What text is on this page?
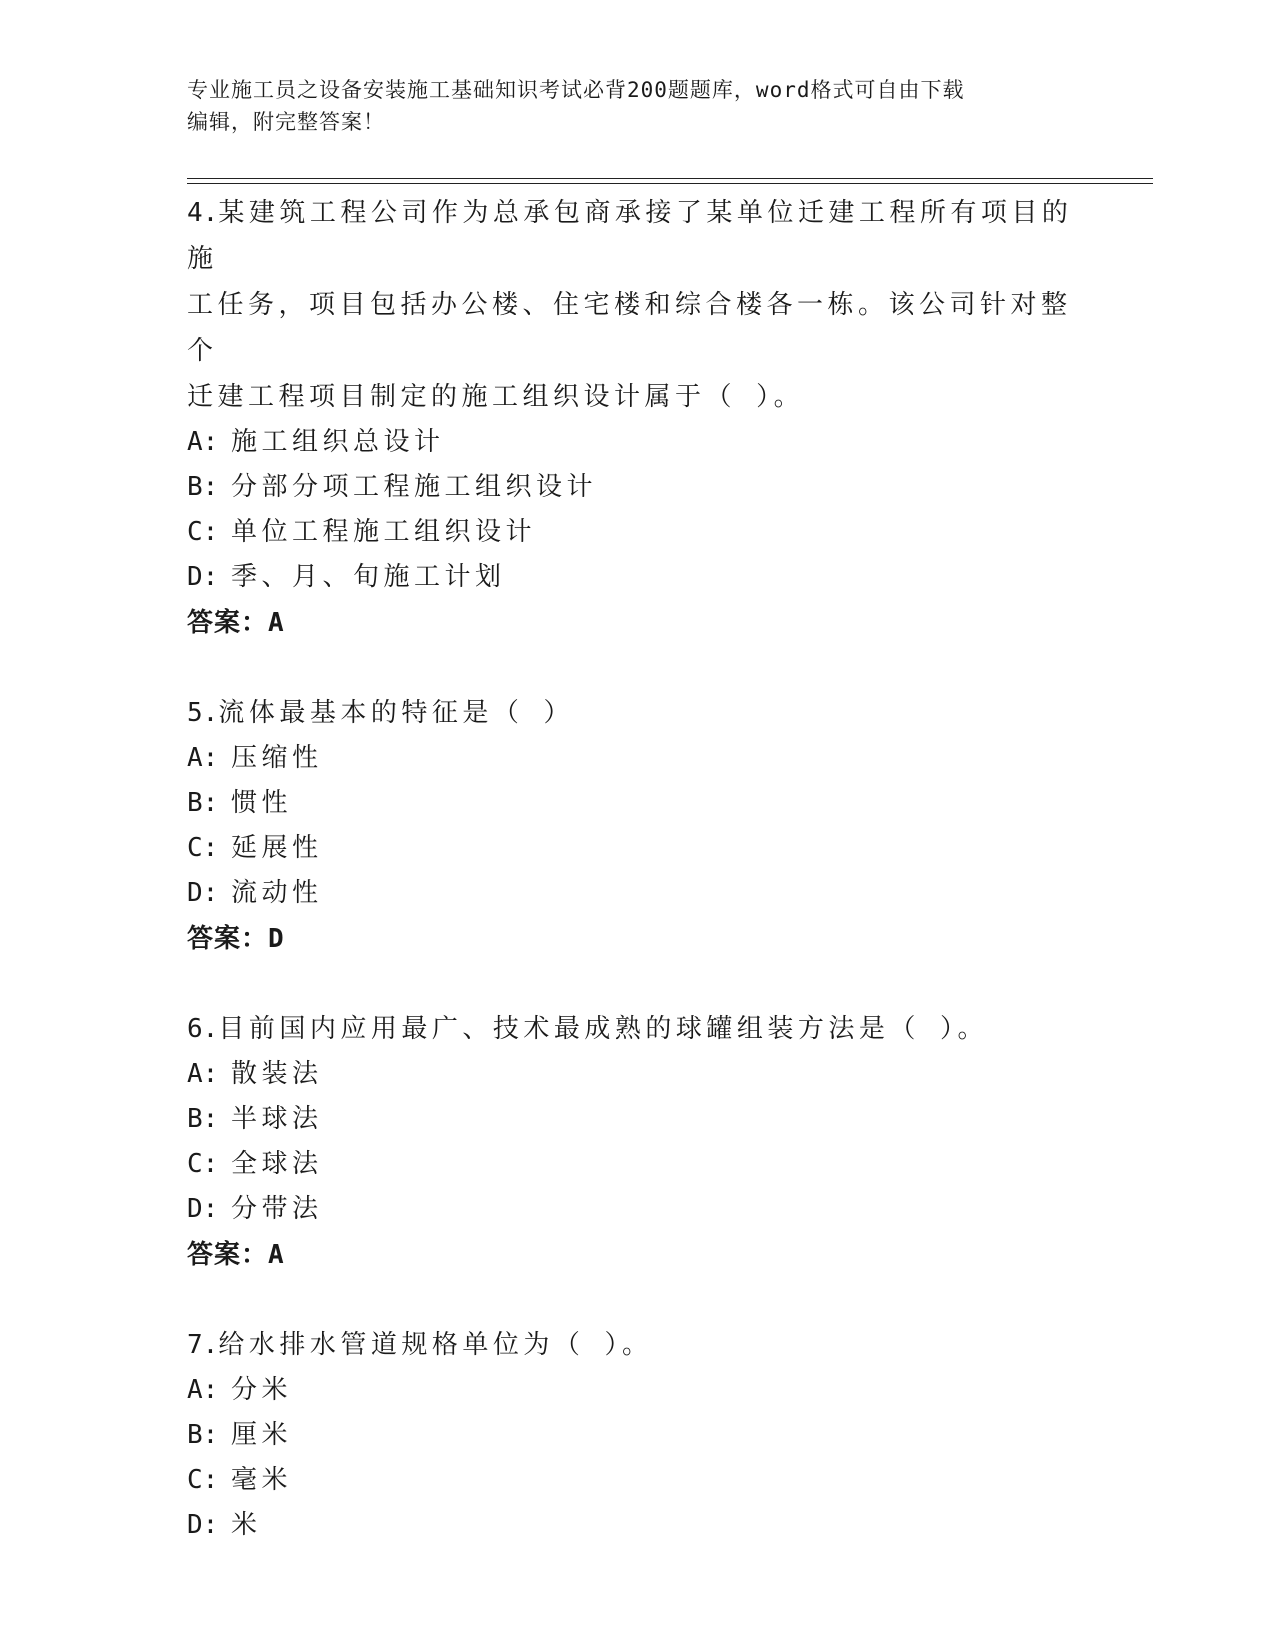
专业施工员之设备安装施工基础知识考试必背200题题库，word格式可自由下载
编辑，附完整答案！
4.某建筑工程公司作为总承包商承接了某单位迁建工程所有项目的施
工任务，项目包括办公楼、住宅楼和综合楼各一栋。该公司针对整个
迁建工程项目制定的施工组织设计属于（ ）。
A: 施工组织总设计
B: 分部分项工程施工组织设计
C: 单位工程施工组织设计
D: 季、月、旬施工计划
答案：A
5.流体最基本的特征是（ ）
A: 压缩性
B: 惯性
C: 延展性
D: 流动性
答案：D
6.目前国内应用最广、技术最成熟的球罐组装方法是（ ）。
A: 散装法
B: 半球法
C: 全球法
D: 分带法
答案：A
7.给水排水管道规格单位为（ ）。
A: 分米
B: 厘米
C: 毫米
D: 米
